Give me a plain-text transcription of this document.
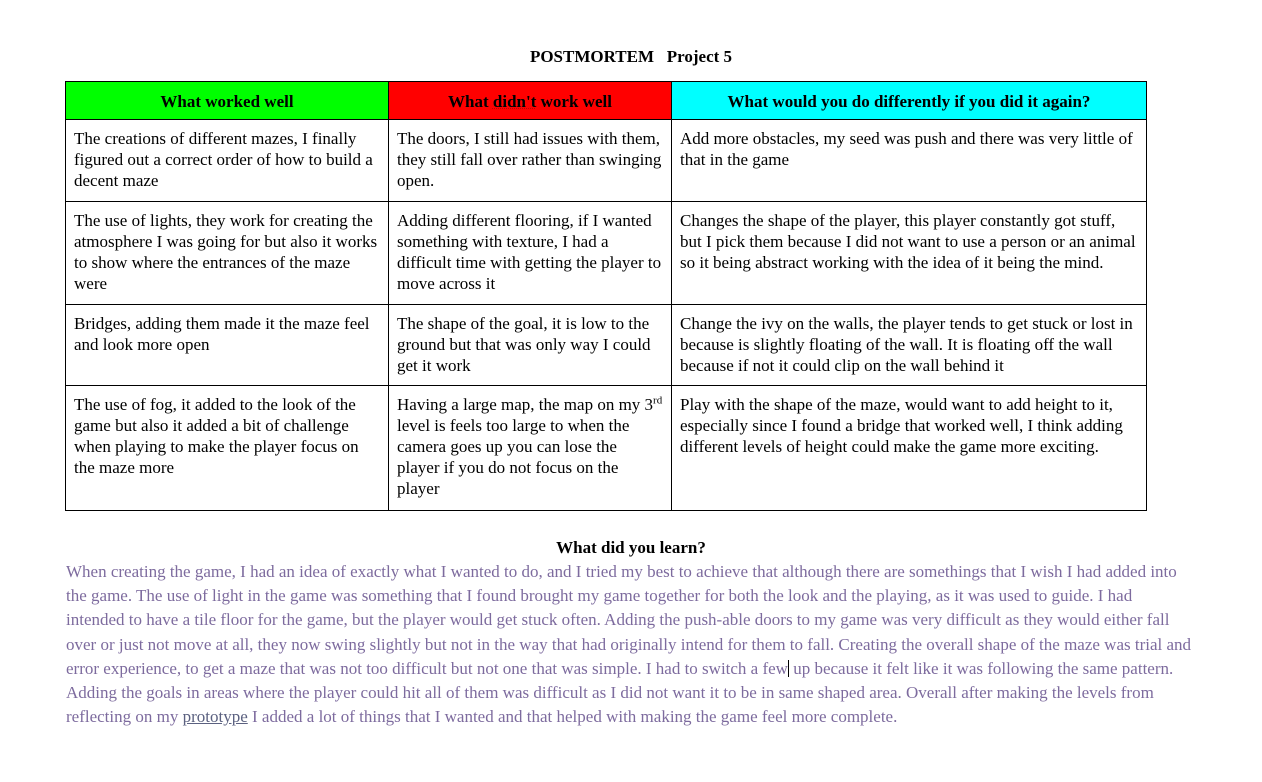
POSTMORTEM   Project 5
What worked well	What didn't work well	What would you do differently if you did it again?
The creations of different mazes, I finally figured out a correct order of how to build a decent maze	The doors, I still had issues with them, they still fall over rather than swinging open.	Add more obstacles, my seed was push and there was very little of that in the game
The use of lights, they work for creating the atmosphere I was going for but also it works to show where the entrances of the maze were	Adding different flooring, if I wanted something with texture, I had a difficult time with getting the player to move across it	Changes the shape of the player, this player constantly got stuff, but I pick them because I did not want to use a person or an animal so it being abstract working with the idea of it being the mind.
Bridges, adding them made it the maze feel and look more open	The shape of the goal, it is low to the ground but that was only way I could get it work	Change the ivy on the walls, the player tends to get stuck or lost in because is slightly floating of the wall. It is floating off the wall because if not it could clip on the wall behind it
The use of fog, it added to the look of the game but also it added a bit of challenge when playing to make the player focus on the maze more	Having a large map, the map on my 3rd level is feels too large to when the camera goes up you can lose the player if you do not focus on the player	Play with the shape of the maze, would want to add height to it, especially since I found a bridge that worked well, I think adding different levels of height could make the game more exciting.
What did you learn?
When creating the game, I had an idea of exactly what I wanted to do, and I tried my best to achieve that although there are somethings that I wish I had added into the game. The use of light in the game was something that I found brought my game together for both the look and the playing, as it was used to guide. I had intended to have a tile floor for the game, but the player would get stuck often. Adding the push-able doors to my game was very difficult as they would either fall over or just not move at all, they now swing slightly but not in the way that had originally intend for them to fall. Creating the overall shape of the maze was trial and error experience, to get a maze that was not too difficult but not one that was simple. I had to switch a few up because it felt like it was following the same pattern. Adding the goals in areas where the player could hit all of them was difficult as I did not want it to be in same shaped area. Overall after making the levels from reflecting on my prototype I added a lot of things that I wanted and that helped with making the game feel more complete.
